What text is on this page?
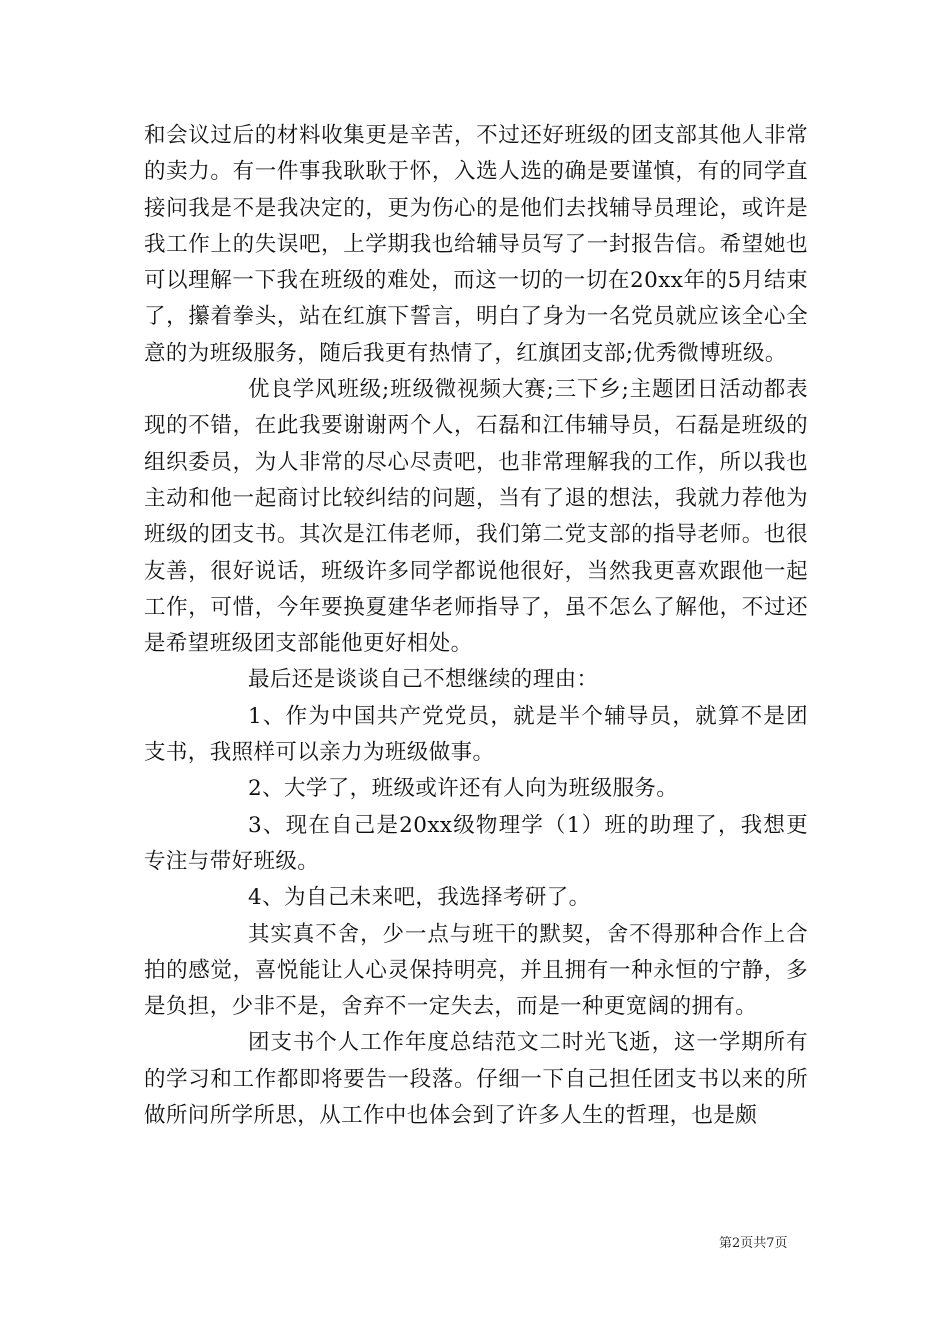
和会议过后的材料收集更是辛苦，不过还好班级的团支部其他人非常的卖力。有一件事我耿耿于怀，入选人选的确是要谨慎，有的同学直接问我是不是我决定的，更为伤心的是他们去找辅导员理论，或许是我工作上的失误吧，上学期我也给辅导员写了一封报告信。希望她也可以理解一下我在班级的难处，而这一切的一切在20xx年的5月结束了，攥着拳头，站在红旗下誓言，明白了身为一名党员就应该全心全意的为班级服务，随后我更有热情了，红旗团支部;优秀微博班级。

优良学风班级;班级微视频大赛;三下乡;主题团日活动都表现的不错，在此我要谢谢两个人，石磊和江伟辅导员，石磊是班级的组织委员，为人非常的尽心尽责吧，也非常理解我的工作，所以我也主动和他一起商讨比较纠结的问题，当有了退的想法，我就力荐他为班级的团支书。其次是江伟老师，我们第二党支部的指导老师。也很友善，很好说话，班级许多同学都说他很好，当然我更喜欢跟他一起工作，可惜，今年要换夏建华老师指导了，虽不怎么了解他，不过还是希望班级团支部能他更好相处。

最后还是谈谈自己不想继续的理由：

1、作为中国共产党党员，就是半个辅导员，就算不是团支书，我照样可以亲力为班级做事。

2、大学了，班级或许还有人向为班级服务。

3、现在自己是20xx级物理学（1）班的助理了，我想更专注与带好班级。

4、为自己未来吧，我选择考研了。

其实真不舍，少一点与班干的默契，舍不得那种合作上合拍的感觉，喜悦能让人心灵保持明亮，并且拥有一种永恒的宁静，多是负担，少非不是，舍弃不一定失去，而是一种更宽阔的拥有。

团支书个人工作年度总结范文二时光飞逝，这一学期所有的学习和工作都即将要告一段落。仔细一下自己担任团支书以来的所做所问所学所思，从工作中也体会到了许多人生的哲理，也是颇

第2页共7页
